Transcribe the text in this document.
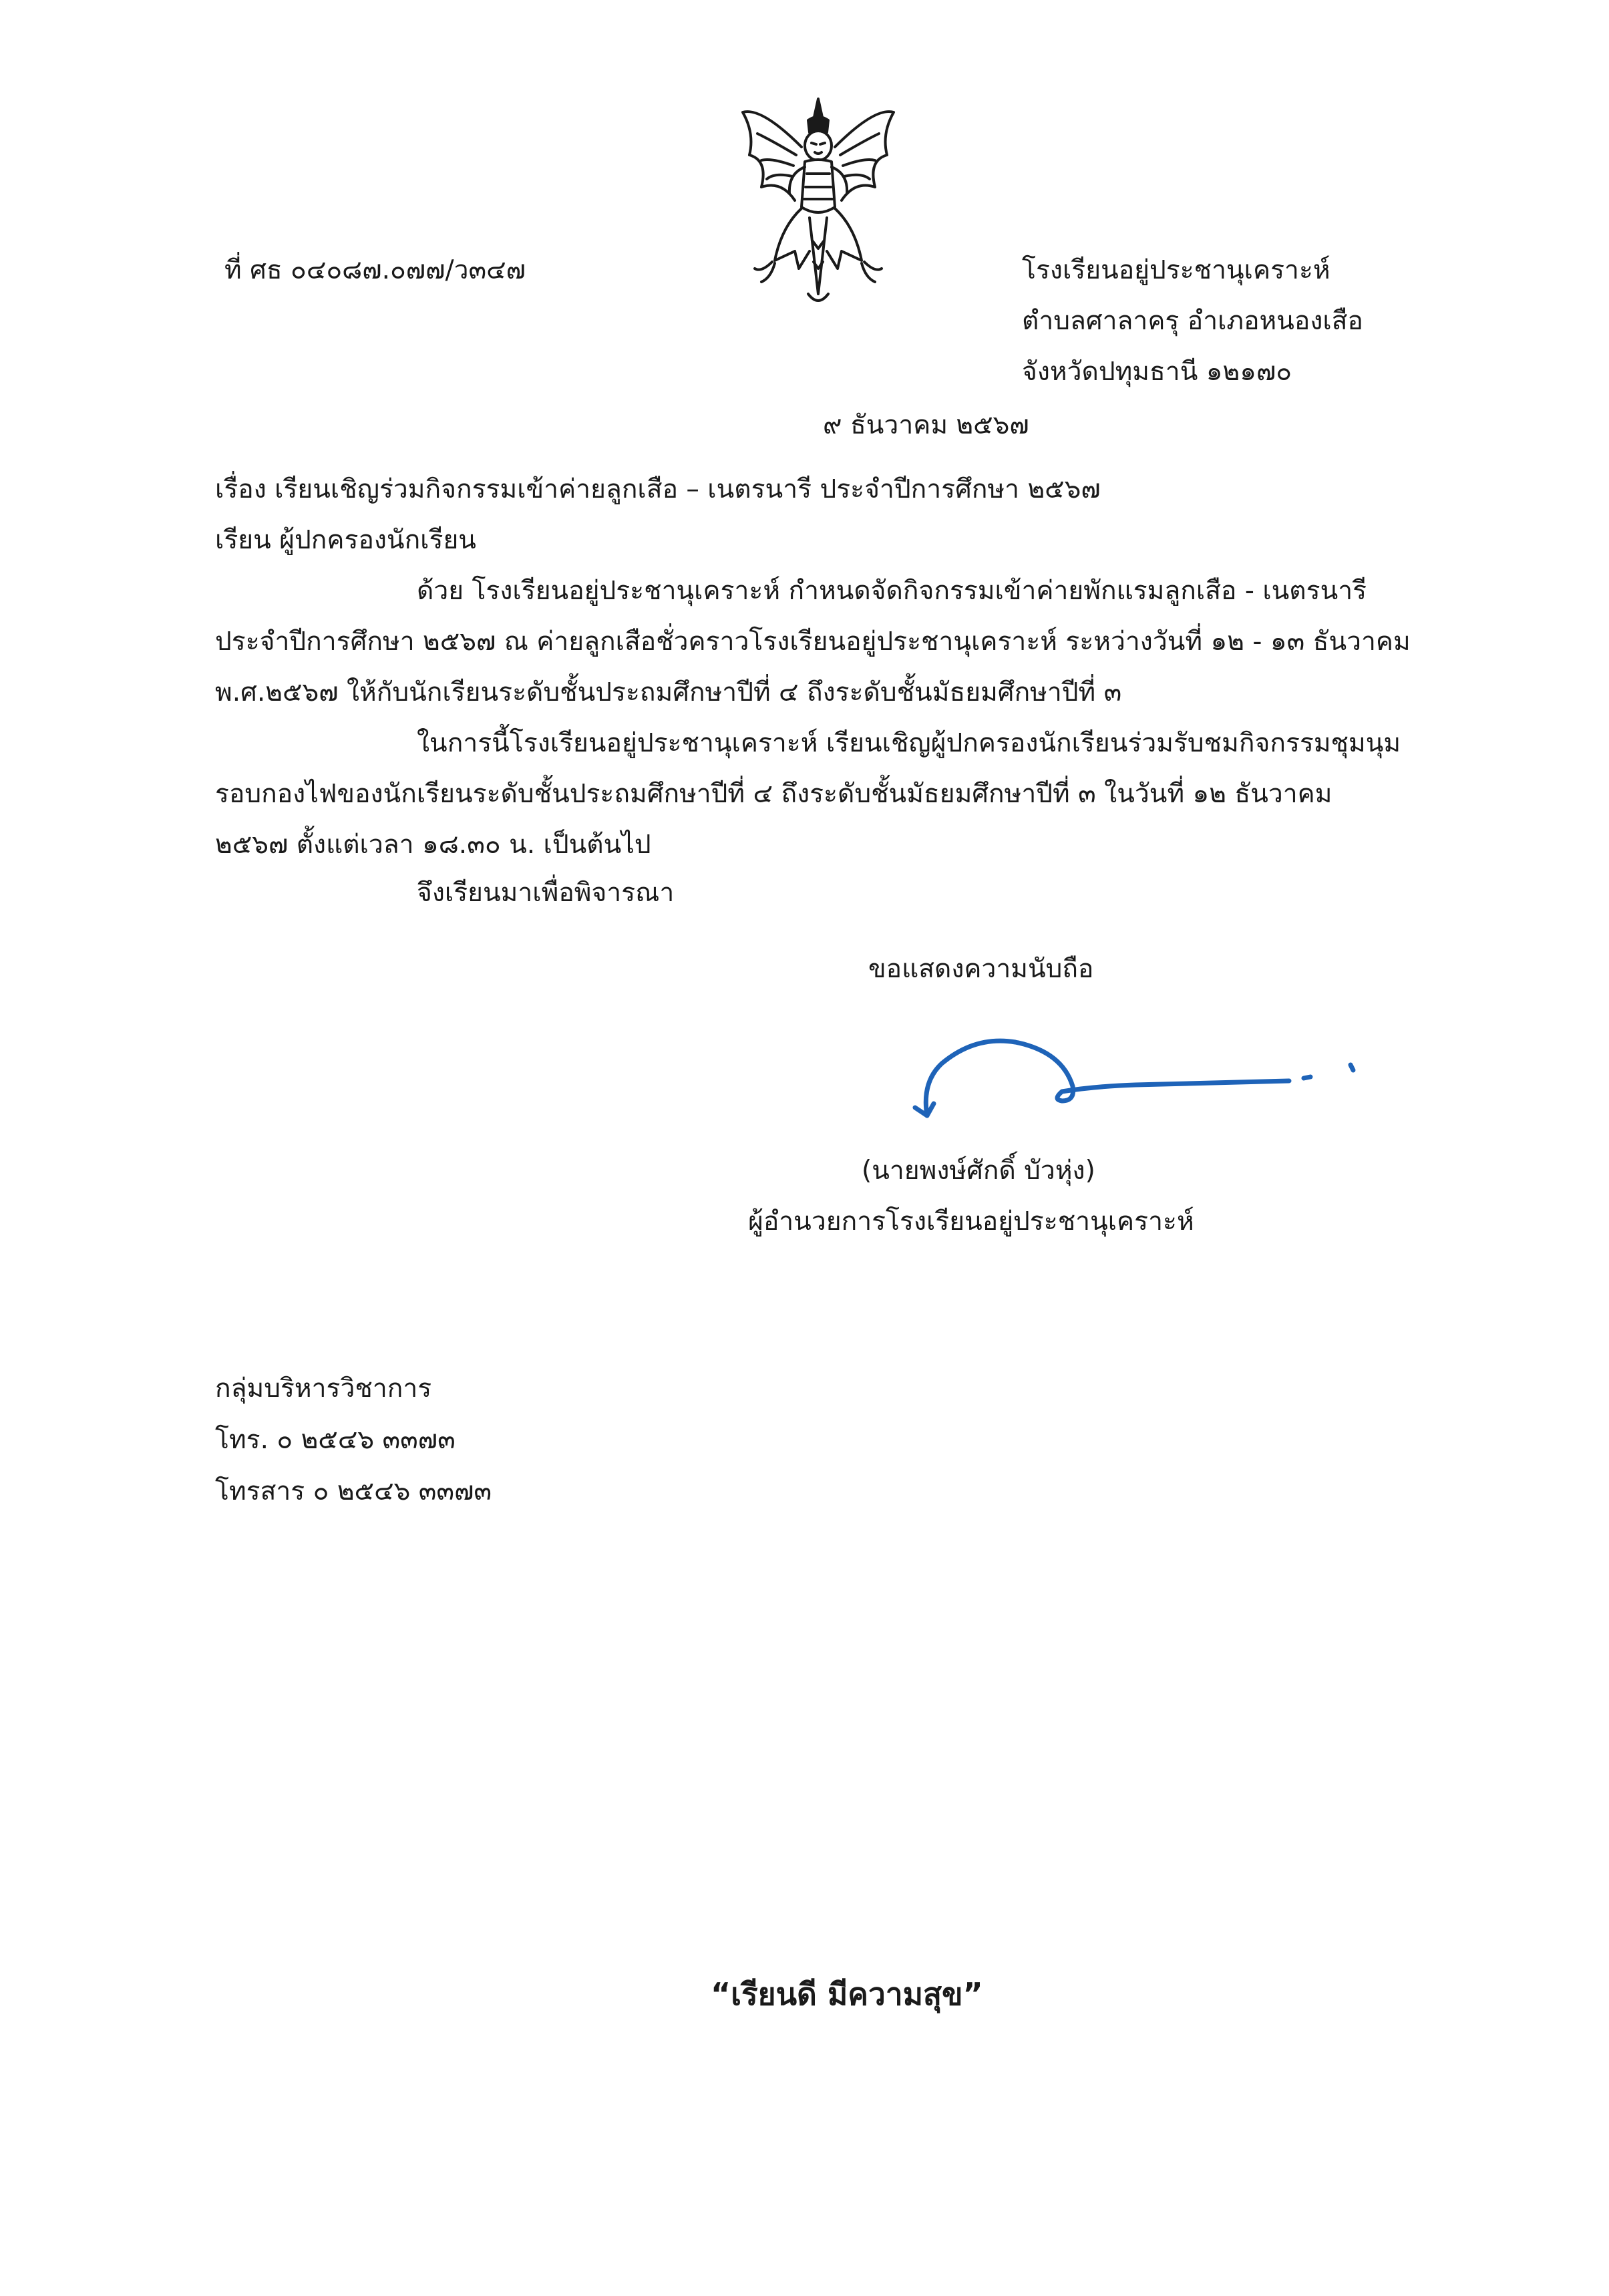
ที่ ศธ ๐๔๐๘๗.๐๗๗/ว๓๔๗	โรงเรียนอยู่ประชานุเคราะห์
ตำบลศาลาครุ อำเภอหนองเสือ
จังหวัดปทุมธานี ๑๒๑๗๐
๙ ธันวาคม ๒๕๖๗
เรื่อง เรียนเชิญร่วมกิจกรรมเข้าค่ายลูกเสือ – เนตรนารี ประจำปีการศึกษา ๒๕๖๗
เรียน ผู้ปกครองนักเรียน
ด้วย โรงเรียนอยู่ประชานุเคราะห์ กำหนดจัดกิจกรรมเข้าค่ายพักแรมลูกเสือ - เนตรนารี
ประจำปีการศึกษา ๒๕๖๗ ณ ค่ายลูกเสือชั่วคราวโรงเรียนอยู่ประชานุเคราะห์ ระหว่างวันที่ ๑๒ - ๑๓ ธันวาคม
พ.ศ.๒๕๖๗ ให้กับนักเรียนระดับชั้นประถมศึกษาปีที่ ๔ ถึงระดับชั้นมัธยมศึกษาปีที่ ๓
ในการนี้โรงเรียนอยู่ประชานุเคราะห์ เรียนเชิญผู้ปกครองนักเรียนร่วมรับชมกิจกรรมชุมนุม
รอบกองไฟของนักเรียนระดับชั้นประถมศึกษาปีที่ ๔ ถึงระดับชั้นมัธยมศึกษาปีที่ ๓ ในวันที่ ๑๒ ธันวาคม
๒๕๖๗ ตั้งแต่เวลา ๑๘.๓๐ น. เป็นต้นไป
จึงเรียนมาเพื่อพิจารณา
ขอแสดงความนับถือ
(นายพงษ์ศักดิ์ บัวหุ่ง)
ผู้อำนวยการโรงเรียนอยู่ประชานุเคราะห์
กลุ่มบริหารวิชาการ
โทร. ๐ ๒๕๔๖ ๓๓๗๓
โทรสาร ๐ ๒๕๔๖ ๓๓๗๓
“เรียนดี มีความสุข”
